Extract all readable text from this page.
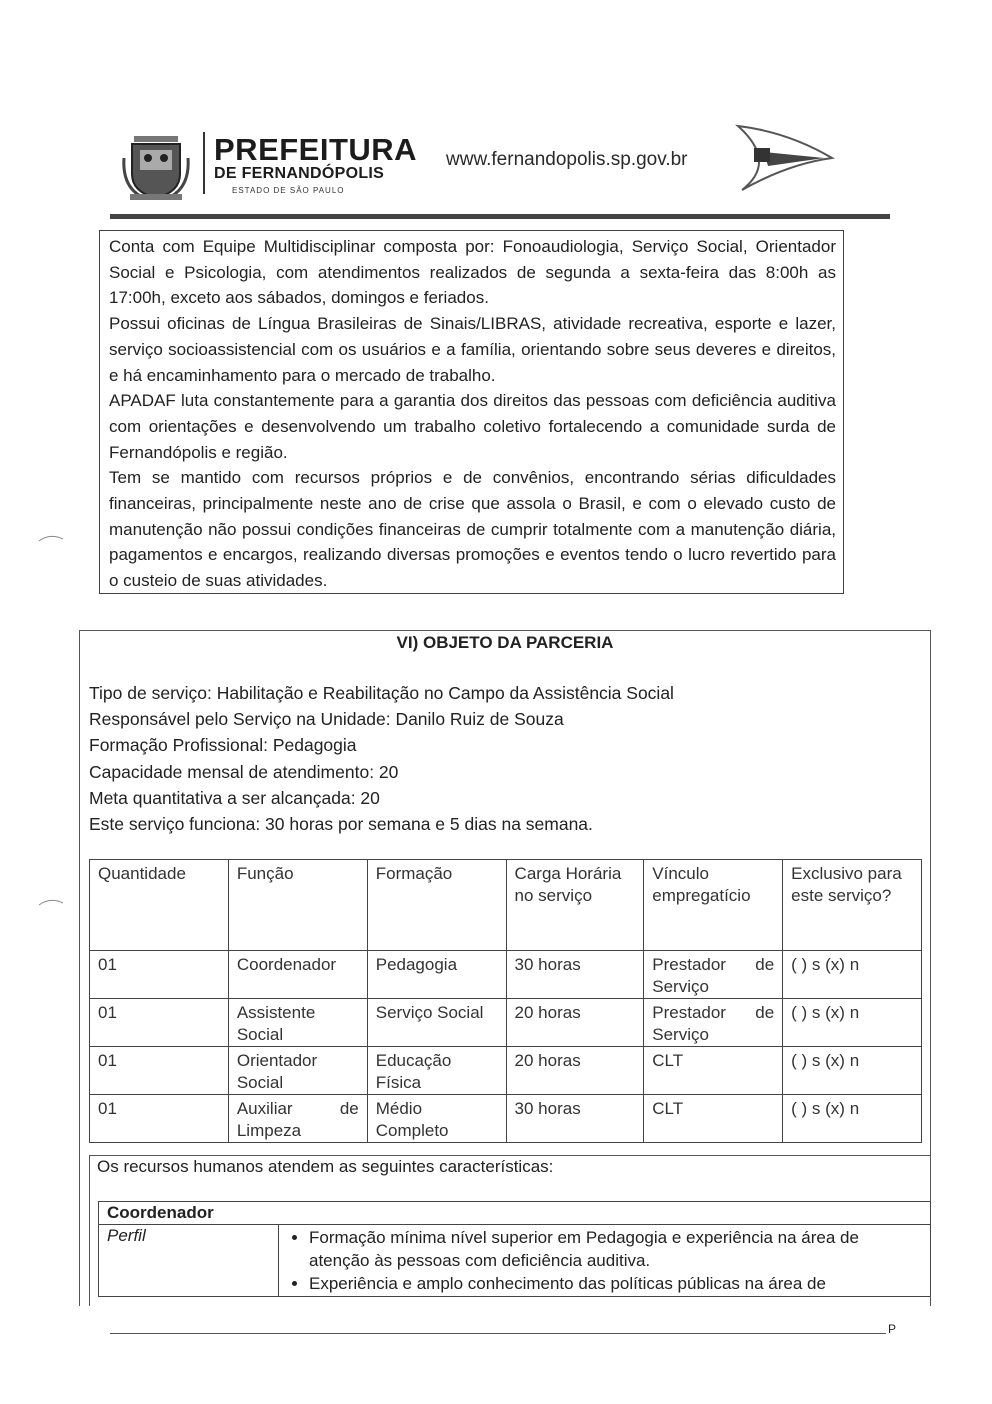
PREFEITURA
DE FERNANDÓPOLIS
ESTADO DE SÃO PAULO
www.fernandopolis.sp.gov.br

Conta com Equipe Multidisciplinar composta por: Fonoaudiologia, Serviço Social, Orientador Social e Psicologia, com atendimentos realizados de segunda a sexta-feira das 8:00h as 17:00h, exceto aos sábados, domingos e feriados.

Possui oficinas de Língua Brasileiras de Sinais/LIBRAS, atividade recreativa, esporte e lazer, serviço socioassistencial com os usuários e a família, orientando sobre seus deveres e direitos, e há encaminhamento para o mercado de trabalho.

APADAF luta constantemente para a garantia dos direitos das pessoas com deficiência auditiva com orientações e desenvolvendo um trabalho coletivo fortalecendo a comunidade surda de Fernandópolis e região.

Tem se mantido com recursos próprios e de convênios, encontrando sérias dificuldades financeiras, principalmente neste ano de crise que assola o Brasil, e com o elevado custo de manutenção não possui condições financeiras de cumprir totalmente com a manutenção diária, pagamentos e encargos, realizando diversas promoções e eventos tendo o lucro revertido para o custeio de suas atividades.

VI) OBJETO DA PARCERIA
Tipo de serviço: Habilitação e Reabilitação no Campo da Assistência Social
Responsável pelo Serviço na Unidade: Danilo Ruiz de Souza
Formação Profissional: Pedagogia
Capacidade mensal de atendimento: 20
Meta quantitativa a ser alcançada: 20
Este serviço funciona: 30 horas por semana e 5 dias na semana.
Quantidade	Função	Formação	Carga Horária no serviço	Vínculo empregatício	Exclusivo para este serviço?
01	Coordenador	Pedagogia	30 horas	Prestador de Serviço	( ) s (x) n
01	Assistente Social	Serviço Social	20 horas	Prestador de Serviço	( ) s (x) n
01	Orientador Social	Educação Física	20 horas	CLT	( ) s (x) n
01	Auxiliar de Limpeza	Médio Completo	30 horas	CLT	( ) s (x) n
Os recursos humanos atendem as seguintes características:
Coordenador
Perfil	
•Formação mínima nível superior em Pedagogia e experiência na área de atenção às pessoas com deficiência auditiva.
• Experiência e amplo conhecimento das políticas públicas na área de
P
